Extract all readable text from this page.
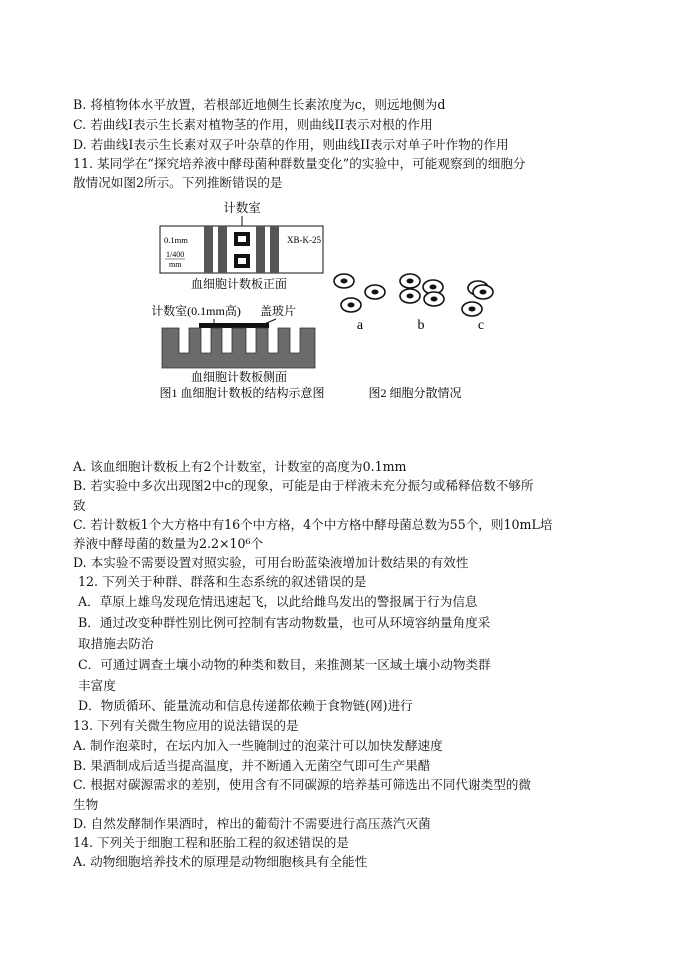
B. 将植物体水平放置，若根部近地侧生长素浓度为c，则远地侧为d
C. 若曲线I表示生长素对植物茎的作用，则曲线II表示对根的作用
D. 若曲线I表示生长素对双子叶杂草的作用，则曲线II表示对单子叶作物的作用
11. 某同学在“探究培养液中酵母菌种群数量变化”的实验中，可能观察到的细胞分
散情况如图2所示。下列推断错误的是
计数室
0.1mm
1/400
mm
XB-K-25
血细胞计数板正面
计数室(0.1mm高) 盖玻片
血细胞计数板侧面
图1 血细胞计数板的结构示意图	图2 细胞分散情况
a	b	c
A. 该血细胞计数板上有2个计数室，计数室的高度为0.1mm
B. 若实验中多次出现图2中c的现象，可能是由于样液未充分振匀或稀释倍数不够所
致
C. 若计数板1个大方格中有16个中方格，4个中方格中酵母菌总数为55个，则10mL培
养液中酵母菌的数量为2.2×10⁶个
D. 本实验不需要设置对照实验，可用台盼蓝染液增加计数结果的有效性
12. 下列关于种群、群落和生态系统的叙述错误的是
A．草原上雄鸟发现危情迅速起飞，以此给雌鸟发出的警报属于行为信息
B．通过改变种群性别比例可控制有害动物数量，也可从环境容纳量角度采
取措施去防治
C．可通过调查土壤小动物的种类和数目，来推测某一区域土壤小动物类群
丰富度
D．物质循环、能量流动和信息传递都依赖于食物链(网)进行
13. 下列有关微生物应用的说法错误的是
A. 制作泡菜时，在坛内加入一些腌制过的泡菜汁可以加快发酵速度
B. 果酒制成后适当提高温度，并不断通入无菌空气即可生产果醋
C. 根据对碳源需求的差别，使用含有不同碳源的培养基可筛选出不同代谢类型的微
生物
D. 自然发酵制作果酒时，榨出的葡萄汁不需要进行高压蒸汽灭菌
14. 下列关于细胞工程和胚胎工程的叙述错误的是
A. 动物细胞培养技术的原理是动物细胞核具有全能性
